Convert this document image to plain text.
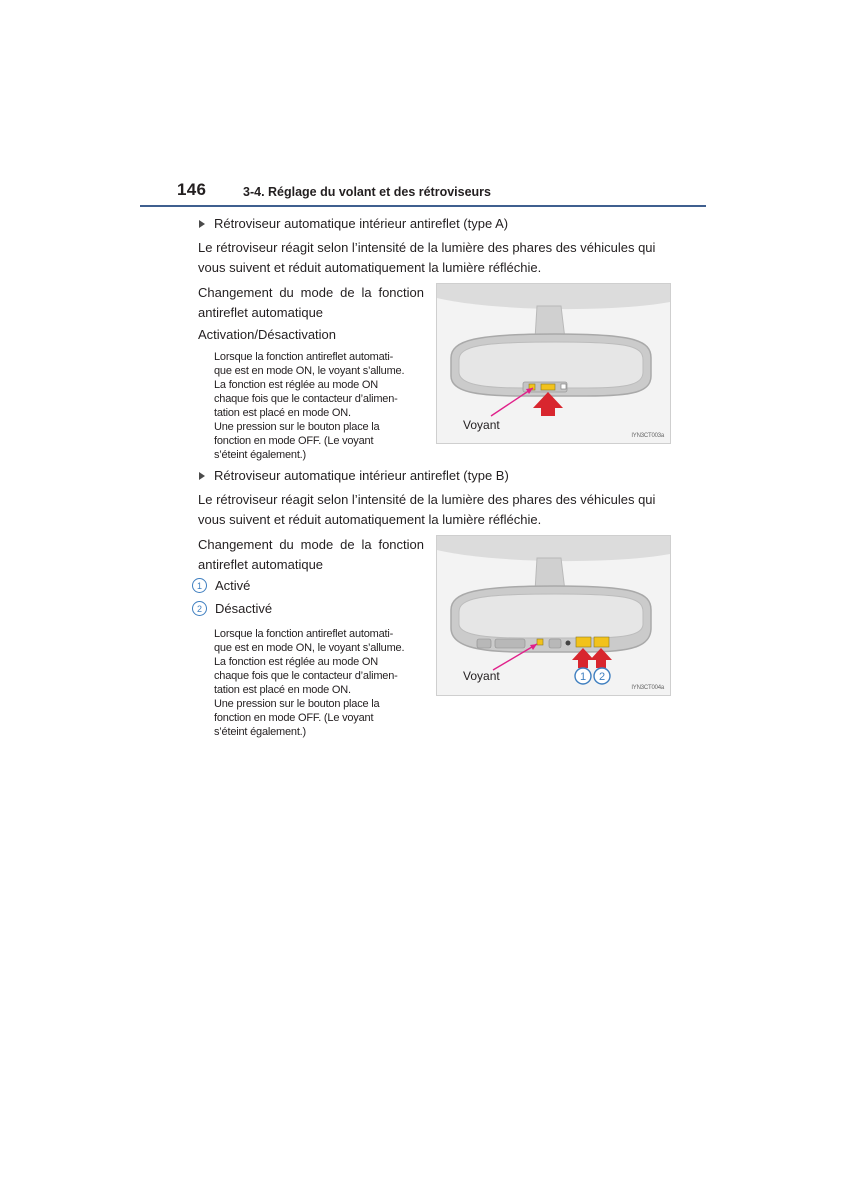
146	3-4. Réglage du volant et des rétroviseurs
Rétroviseur automatique intérieur antireflet (type A)
Le rétroviseur réagit selon l’intensité de la lumière des phares des véhicules qui
vous suivent et réduit automatiquement la lumière réfléchie.
Changement du mode de la fonction
antireflet automatique
Activation/Désactivation
Lorsque la fonction antireflet automati-
que est en mode ON, le voyant s’allume.
La fonction est réglée au mode ON
chaque fois que le contacteur d’alimen-
tation est placé en mode ON.
Une pression sur le bouton place la
fonction en mode OFF. (Le voyant
s’éteint également.)
Voyant
IYN3CT003a
Rétroviseur automatique intérieur antireflet (type B)
Le rétroviseur réagit selon l’intensité de la lumière des phares des véhicules qui
vous suivent et réduit automatiquement la lumière réfléchie.
Changement du mode de la fonction
antireflet automatique
1	Activé
2	Désactivé
Lorsque la fonction antireflet automati-
que est en mode ON, le voyant s’allume.
La fonction est réglée au mode ON
chaque fois que le contacteur d’alimen-
tation est placé en mode ON.
Une pression sur le bouton place la
fonction en mode OFF. (Le voyant
s’éteint également.)
1 2
Voyant
IYN3CT004a
